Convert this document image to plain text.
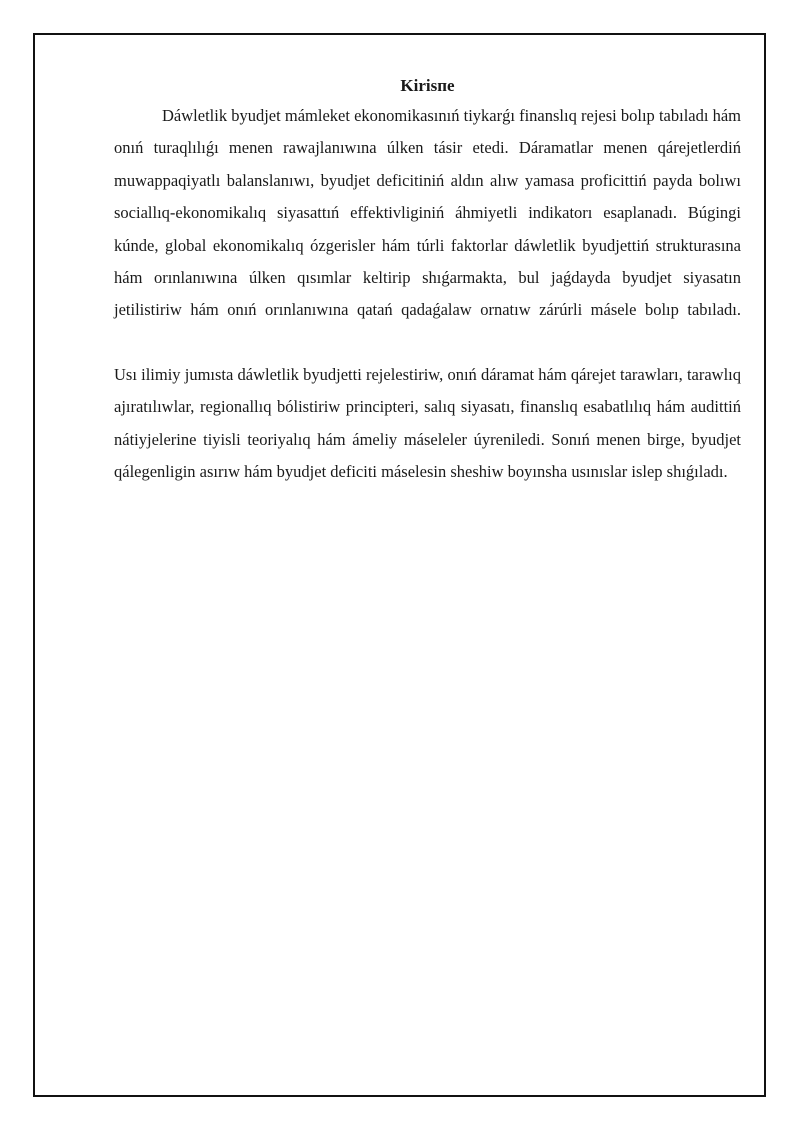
Kirisпe

Dáwletlik byudjet mámleket ekonomikasınıń tiykarǵı finanslıq rejesi bolıp tabıladı hám onıń turaqlılıǵı menen rawajlanıwına úlken tásir etedi. Dáramatlar menen qárejetlerdiń muwappaqiyatlı balanslanıwı, byudjet deficitiniń aldın alıw yamasa proficittiń payda bolıwı sociallıq-ekonomikalıq siyasattıń effektivliginiń áhmiyetli indikatorı esaplanadı. Búgingi kúnde, global ekonomikalıq ózgerisler hám túrli faktorlar dáwletlik byudjettiń strukturasına hám orınlanıwına úlken qısımlar keltirip shıǵarmakta, bul jaǵdayda byudjet siyasatın jetilistiriw hám onıń orınlanıwına qatań qadaǵalaw ornatıw zárúrli másele bolıp tabıladı.

Usı ilimiy jumısta dáwletlik byudjetti rejelestiriw, onıń dáramat hám qárejet tarawları, tarawlıq ajıratılıwlar, regionallıq bólistiriw principteri, salıq siyasatı, finanslıq esabatlılıq hám audittiń nátiyjelerine tiyisli teoriyalıq hám ámeliy máseleler úyreniledi. Sonıń menen birge, byudjet qálegenligin asırıw hám byudjet deficiti máselesin sheshiw boyınsha usınıslar islep shıǵıladı.
